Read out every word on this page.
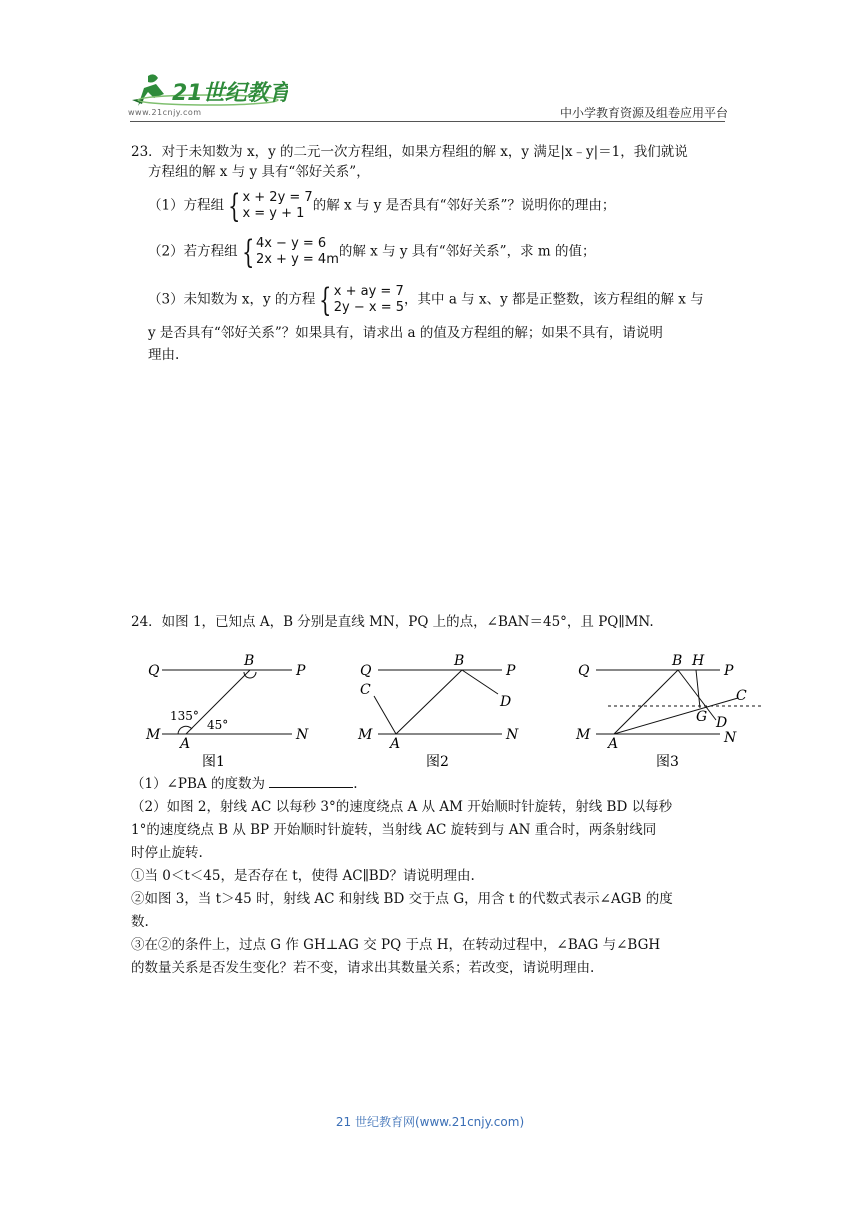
21世纪教育
www.21cnjy.com	中小学教育资源及组卷应用平台
23．对于未知数为 x，y 的二元一次方程组，如果方程组的解 x，y 满足|x﹣y|＝1，我们就说
方程组的解 x 与 y 具有“邻好关系”，
（1）方程组 { x + 2y = 7
x = y + 1 的解 x 与 y 是否具有“邻好关系”？说明你的理由；
（2）若方程组 { 4x − y = 6
2x + y = 4m 的解 x 与 y 具有“邻好关系”，求 m 的值；
（3）未知数为 x，y 的方程 { x + ay = 7
2y − x = 5 ，其中 a 与 x、y 都是正整数，该方程组的解 x 与
y 是否具有“邻好关系”？如果具有，请求出 a 的值及方程组的解；如果不具有，请说明
理由.
24．如图 1，已知点 A，B 分别是直线 MN，PQ 上的点，∠BAN＝45°，且 PQ∥MN.
Q
B
P
M
A
N
135°
45°
图1
Q
C
B
P
D
M
A
N
图2
Q
B H
P
C
G D
M
A	N
图3
（1）∠PBA 的度数为	.
（2）如图 2，射线 AC 以每秒 3°的速度绕点 A 从 AM 开始顺时针旋转，射线 BD 以每秒
1°的速度绕点 B 从 BP 开始顺时针旋转，当射线 AC 旋转到与 AN 重合时，两条射线同
时停止旋转.
①当 0＜t＜45，是否存在 t，使得 AC∥BD？请说明理由.
②如图 3，当 t＞45 时，射线 AC 和射线 BD 交于点 G，用含 t 的代数式表示∠AGB 的度
数.
③在②的条件上，过点 G 作 GH⊥AG 交 PQ 于点 H，在转动过程中，∠BAG 与∠BGH
的数量关系是否发生变化？若不变，请求出其数量关系；若改变，请说明理由.
21 世纪教育网(www.21cnjy.com)
